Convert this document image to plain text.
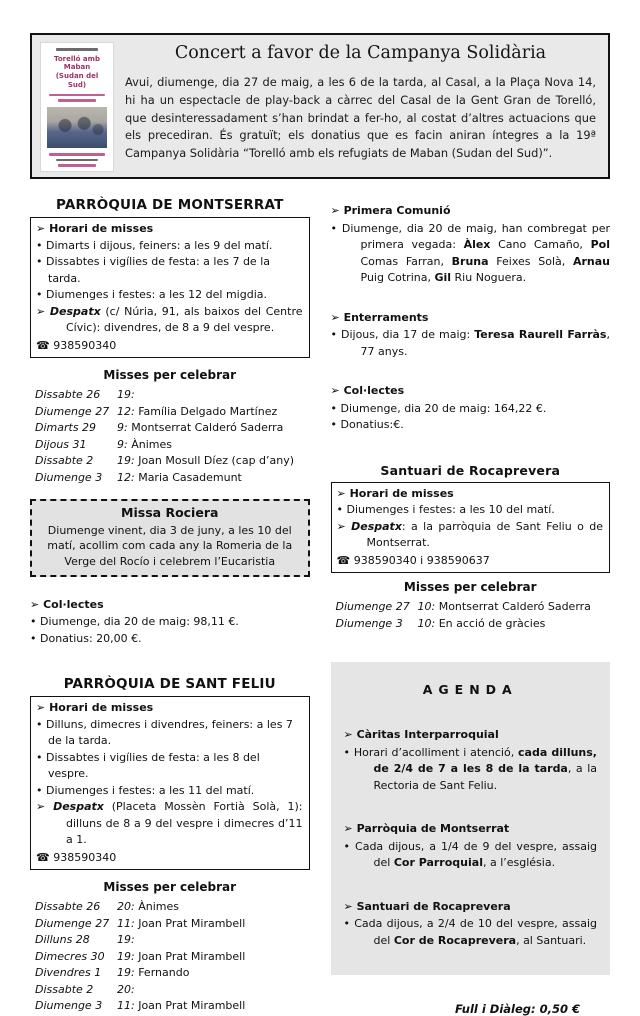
Torelló amb Maban
(Sudan del Sud)
Concert a favor de la Campanya Solidària
Avui, diumenge, dia 27 de maig, a les 6 de la tarda, al Casal, a la Plaça Nova 14, hi ha un espectacle de play-back a càrrec del Casal de la Gent Gran de Torelló, que desinteressadament s’han brindat a fer-ho, al costat d’altres actuacions que els precediran. És gratuït; els donatius que es facin aniran íntegres a la 19ª Campanya Solidària “Torelló amb els refugiats de Maban (Sudan del Sud)”.
PARRÒQUIA DE MONTSERRAT
➢ Horari de misses
• Dimarts i dijous, feiners: a les 9 del matí.
• Dissabtes i vigílies de festa: a les 7 de la tarda.
• Diumenges i festes: a les 12 del migdia.
➢ Despatx (c/ Núria, 91, als baixos del Centre Cívic): divendres, de 8 a 9 del vespre.
☎ 938590340
Misses per celebrar
Dissabte 26	19:
Diumenge 27 12: Família Delgado Martínez
Dimarts 29	9: Montserrat Calderó Saderra
Dijous 31	9: Ànimes
Dissabte 2	19: Joan Mosull Díez (cap d’any)
Diumenge 3	12: Maria Casademunt
Missa Rociera
Diumenge vinent, dia 3 de juny, a les 10 del matí, acollim com cada any la Romeria de la Verge del Rocío i celebrem l’Eucaristia
➢ Col·lectes
• Diumenge, dia 20 de maig: 98,11 €.
• Donatius: 20,00 €.
PARRÒQUIA DE SANT FELIU
➢ Horari de misses
• Dilluns, dimecres i divendres, feiners: a les 7 de la tarda.
• Dissabtes i vigílies de festa: a les 8 del vespre.
• Diumenges i festes: a les 11 del matí.
➢ Despatx (Placeta Mossèn Fortià Solà, 1): dilluns de 8 a 9 del vespre i dimecres d’11 a 1.
☎ 938590340
Misses per celebrar
Dissabte 26	20: Ànimes
Diumenge 27 11: Joan Prat Mirambell
Dilluns 28	19:
Dimecres 30	19: Joan Prat Mirambell
Divendres 1	19: Fernando
Dissabte 2	20:
Diumenge 3	11: Joan Prat Mirambell
➢ Primera Comunió
• Diumenge, dia 20 de maig, han combregat per primera vegada: Àlex Cano Camaño, Pol Comas Farran, Bruna Feixes Solà, Arnau Puig Cotrina, Gil Riu Noguera.
➢ Enterraments
• Dijous, dia 17 de maig: Teresa Raurell Farràs, 77 anys.
➢ Col·lectes
• Diumenge, dia 20 de maig: 164,22 €.
• Donatius:€.
Santuari de Rocaprevera
➢ Horari de misses
• Diumenges i festes: a les 10 del matí.
➢ Despatx: a la parròquia de Sant Feliu o de Montserrat.
☎ 938590340 i 938590637
Misses per celebrar
Diumenge 27 10: Montserrat Calderó Saderra
Diumenge 3	10: En acció de gràcies
AGENDA
➢ Càritas Interparroquial
• Horari d’acolliment i atenció, cada dilluns, de 2/4 de 7 a les 8 de la tarda, a la Rectoria de Sant Feliu.
➢ Parròquia de Montserrat
• Cada dijous, a 1/4 de 9 del vespre, assaig del Cor Parroquial, a l’església.
➢ Santuari de Rocaprevera
• Cada dijous, a 2/4 de 10 del vespre, assaig del Cor de Rocaprevera, al Santuari.
Full i Diàleg: 0,50 €
